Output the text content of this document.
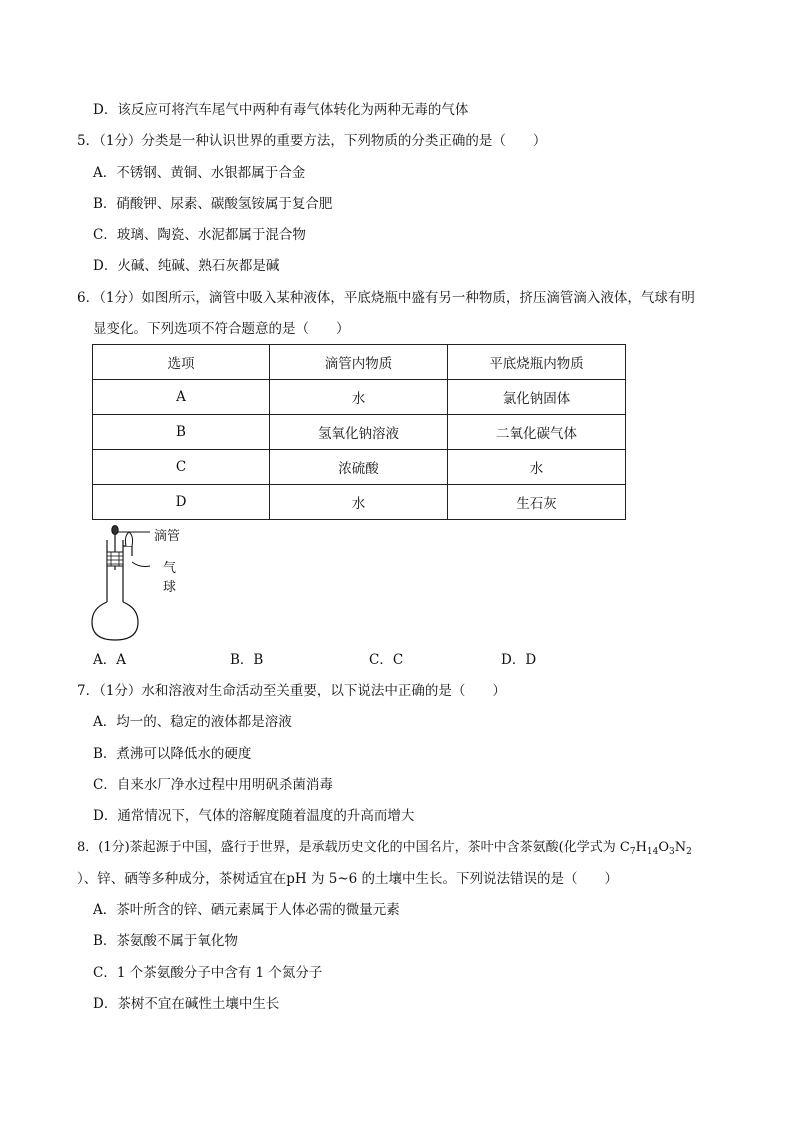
D．该反应可将汽车尾气中两种有毒气体转化为两种无毒的气体
5．（1分）分类是一种认识世界的重要方法，下列物质的分类正确的是（　　）
A．不锈钢、黄铜、水银都属于合金
B．硝酸钾、尿素、碳酸氢铵属于复合肥
C．玻璃、陶瓷、水泥都属于混合物
D．火碱、纯碱、熟石灰都是碱
6．（1分）如图所示，滴管中吸入某种液体，平底烧瓶中盛有另一种物质，挤压滴管滴入液体，气球有明
显变化。下列选项不符合题意的是（　　）
选项	滴管内物质	平底烧瓶内物质
A	水	氯化钠固体
B	氢氧化钠溶液	二氧化碳气体
C	浓硫酸	水
D	水	生石灰
滴管
气
球
A．A	B．B	C．C	D．D
7．（1分）水和溶液对生命活动至关重要，以下说法中正确的是（　　）
A．均一的、稳定的液体都是溶液
B．煮沸可以降低水的硬度
C．自来水厂净水过程中用明矾杀菌消毒
D．通常情况下，气体的溶解度随着温度的升高而增大
8．(1分)茶起源于中国，盛行于世界，是承载历史文化的中国名片，茶叶中含茶氨酸(化学式为 $C_7H_{14}O_3N_2$
）、锌、硒等多种成分，茶树适宜在pH 为 5~6 的土壤中生长。下列说法错误的是（　　）
A．茶叶所含的锌、硒元素属于人体必需的微量元素
B．茶氨酸不属于氧化物
C．1 个茶氨酸分子中含有 1 个氮分子
D．茶树不宜在碱性土壤中生长
